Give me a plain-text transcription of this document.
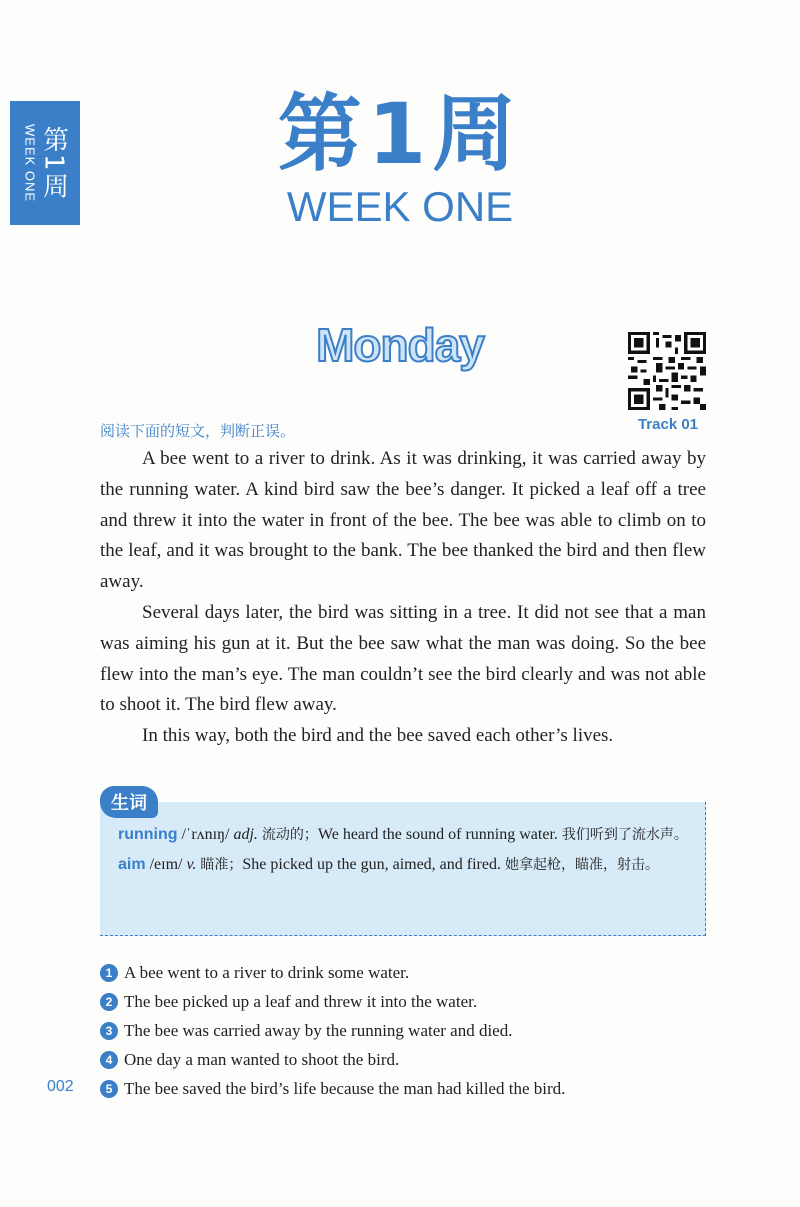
第1周
WEEK ONE	第1周
WEEK ONE
Monday
Track 01
阅读下面的短文，判断正误。

A bee went to a river to drink. As it was drinking, it was carried away by the running water. A kind bird saw the bee’s danger. It picked a leaf off a tree and threw it into the water in front of the bee. The bee was able to climb on to the leaf, and it was brought to the bank. The bee thanked the bird and then flew away.

Several days later, the bird was sitting in a tree. It did not see that a man was aiming his gun at it. But the bee saw what the man was doing. So the bee flew into the man’s eye. The man couldn’t see the bird clearly and was not able to shoot it. The bird flew away.

In this way, both the bird and the bee saved each other’s lives.

running /ˈrʌnɪŋ/ adj. 流动的；We heard the sound of running water. 我们听到了流水声。
aim /eɪm/ v. 瞄准；She picked up the gun, aimed, and fired. 她拿起枪，瞄准，射击。
生词
1 A bee went to a river to drink some water.
2 The bee picked up a leaf and threw it into the water.
3 The bee was carried away by the running water and died.
4 One day a man wanted to shoot the bird.
5 The bee saved the bird’s life because the man had killed the bird.
002
